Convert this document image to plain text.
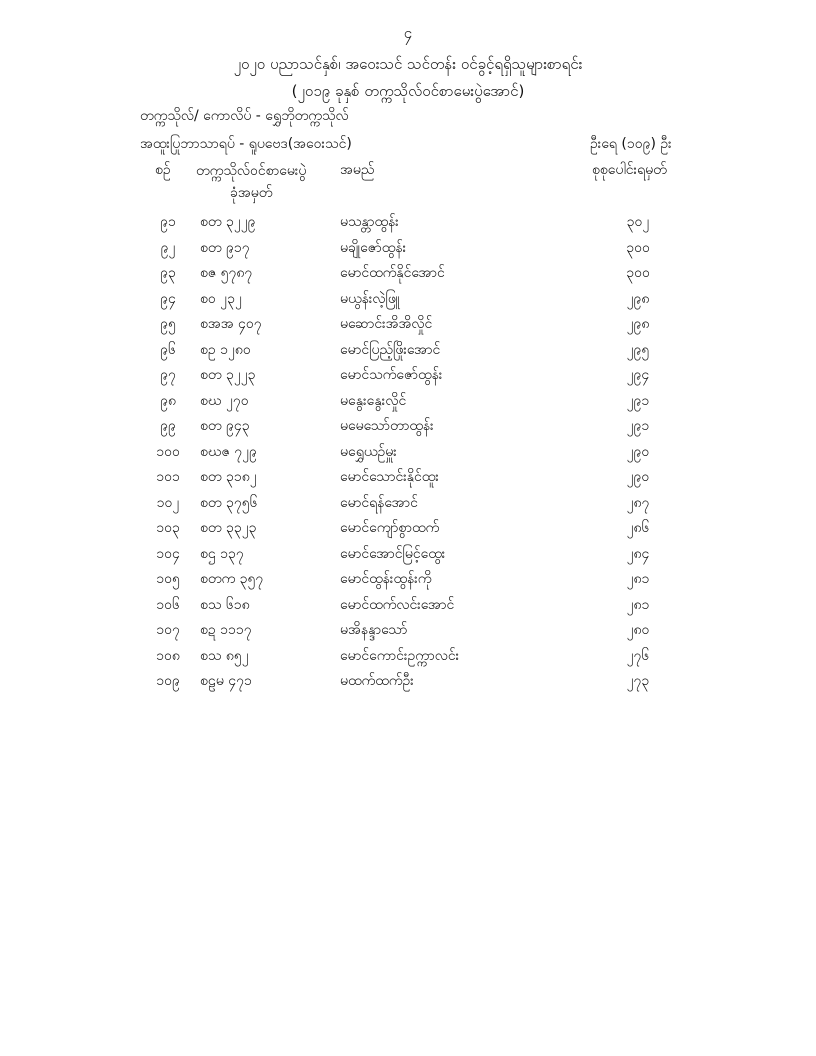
၄
၂၀၂၀ ပညာသင်နှစ်၊ အဝေးသင် သင်တန်း ဝင်ခွင့်ရရှိသူများစာရင်း
(၂၀၁၉ ခုနှစ် တက္ကသိုလ်ဝင်စာမေးပွဲအောင်)
တက္ကသိုလ်/ ကောလိပ် - ရွှေဘိုတက္ကသိုလ်
အထူးပြုဘာသာရပ် - ရူပဗေဒ(အဝေးသင်)	ဦးရေ (၁၀၉) ဦး
စဉ် တက္ကသိုလ်ဝင်စာမေးပွဲ
ခုံအမှတ်
အမည်	စုစုပေါင်းရမှတ်
၉၁	စတ ၃၂၂၉	မသန္တာထွန်း	၃၀၂
၉၂	စတ ၉၁၇	မချိုဇော်ထွန်း	၃၀၀
၉၃	စဇ ၅၇၈၇	မောင်ထက်နိုင်အောင်	၃၀၀
၉၄	စဝ ၂၃၂	မယွန်းလဲ့ဖြူ	၂၉၈
၉၅	စအအ ၄၀၇	မဆောင်းအိအိလှိုင်	၂၉၈
၉၆	စဥ ၁၂၈၀	မောင်ပြည့်ဖြိုးအောင်	၂၉၅
၉၇	စတ ၃၂၂၃	မောင်သက်ဇော်ထွန်း	၂၉၄
၉၈	စဃ ၂၇၀	မနွေးနွေးလှိုင်	၂၉၁
၉၉	စတ ၉၄၃	မမေသော်တာထွန်း	၂၉၁
၁၀၀	စဃဇ ၇၂၉	မရွှေယဉ်မှူး	၂၉၀
၁၀၁	စတ ၃၁၈၂	မောင်သောင်းနိုင်ထူး	၂၉၀
၁၀၂	စတ ၃၇၅၆	မောင်ရန်အောင်	၂၈၇
၁၀၃	စတ ၃၃၂၃	မောင်ကျော်စွာထက်	၂၈၆
၁၀၄	စဌ ၁၃၇	မောင်အောင်မြင့်ထွေး	၂၈၄
၁၀၅	စတက ၃၅၇	မောင်ထွန်းထွန်းကို	၂၈၁
၁၀၆	စသ ၆၁၈	မောင်ထက်လင်းအောင်	၂၈၁
၁၀၇	စဍ ၁၁၁၇	မအိနန္ဒာသော်	၂၈၀
၁၀၈	စသ ၈၅၂	မောင်ကောင်းဥက္ကာလင်း	၂၇၆
၁၀၉	စဠမ ၄၇၁	မထက်ထက်ဦး	၂၇၃
